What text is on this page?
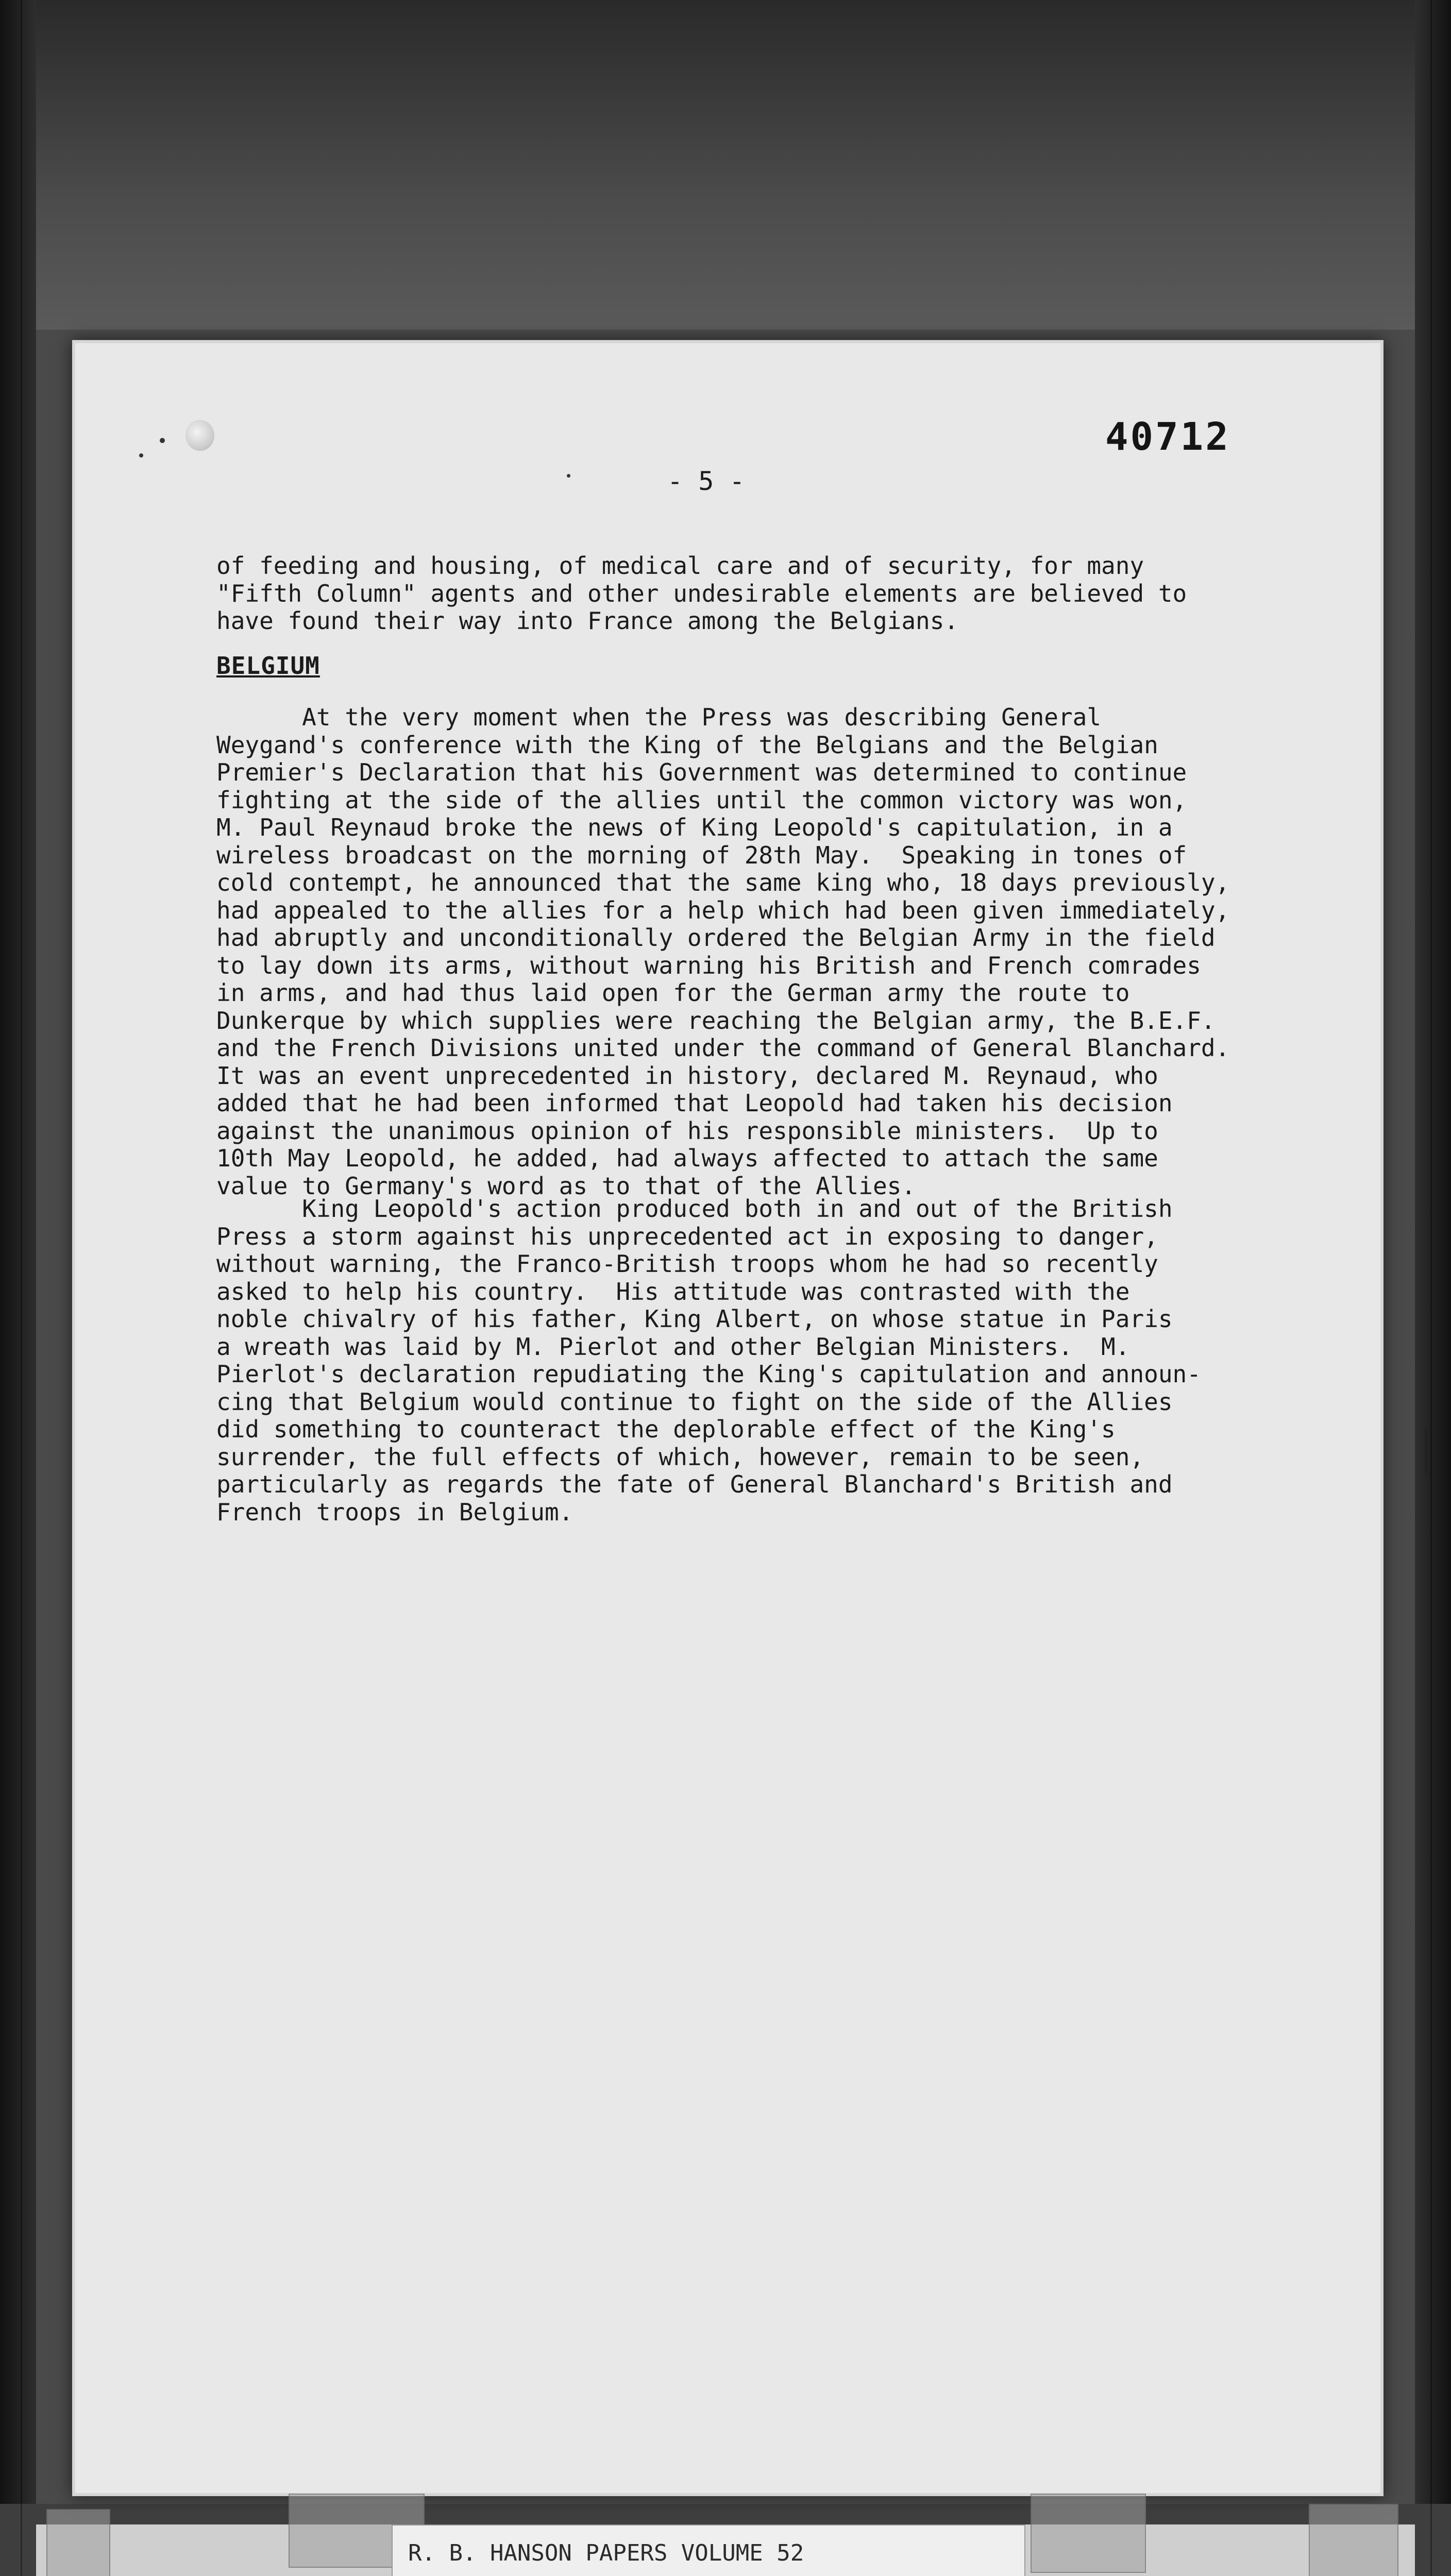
40712
- 5 -
of feeding and housing, of medical care and of security, for many
"Fifth Column" agents and other undesirable elements are believed to
have found their way into France among the Belgians.
BELGIUM
At the very moment when the Press was describing General
Weygand's conference with the King of the Belgians and the Belgian
Premier's Declaration that his Government was determined to continue
fighting at the side of the allies until the common victory was won,
M. Paul Reynaud broke the news of King Leopold's capitulation, in a
wireless broadcast on the morning of 28th May.  Speaking in tones of
cold contempt, he announced that the same king who, 18 days previously,
had appealed to the allies for a help which had been given immediately,
had abruptly and unconditionally ordered the Belgian Army in the field
to lay down its arms, without warning his British and French comrades
in arms, and had thus laid open for the German army the route to
Dunkerque by which supplies were reaching the Belgian army, the B.E.F.
and the French Divisions united under the command of General Blanchard.
It was an event unprecedented in history, declared M. Reynaud, who
added that he had been informed that Leopold had taken his decision
against the unanimous opinion of his responsible ministers.  Up to
10th May Leopold, he added, had always affected to attach the same
value to Germany's word as to that of the Allies.
King Leopold's action produced both in and out of the British
Press a storm against his unprecedented act in exposing to danger,
without warning, the Franco-British troops whom he had so recently
asked to help his country.  His attitude was contrasted with the
noble chivalry of his father, King Albert, on whose statue in Paris
a wreath was laid by M. Pierlot and other Belgian Ministers.  M.
Pierlot's declaration repudiating the King's capitulation and announ-
cing that Belgium would continue to fight on the side of the Allies
did something to counteract the deplorable effect of the King's
surrender, the full effects of which, however, remain to be seen,
particularly as regards the fate of General Blanchard's British and
French troops in Belgium.
R. B. HANSON PAPERS VOLUME 52
